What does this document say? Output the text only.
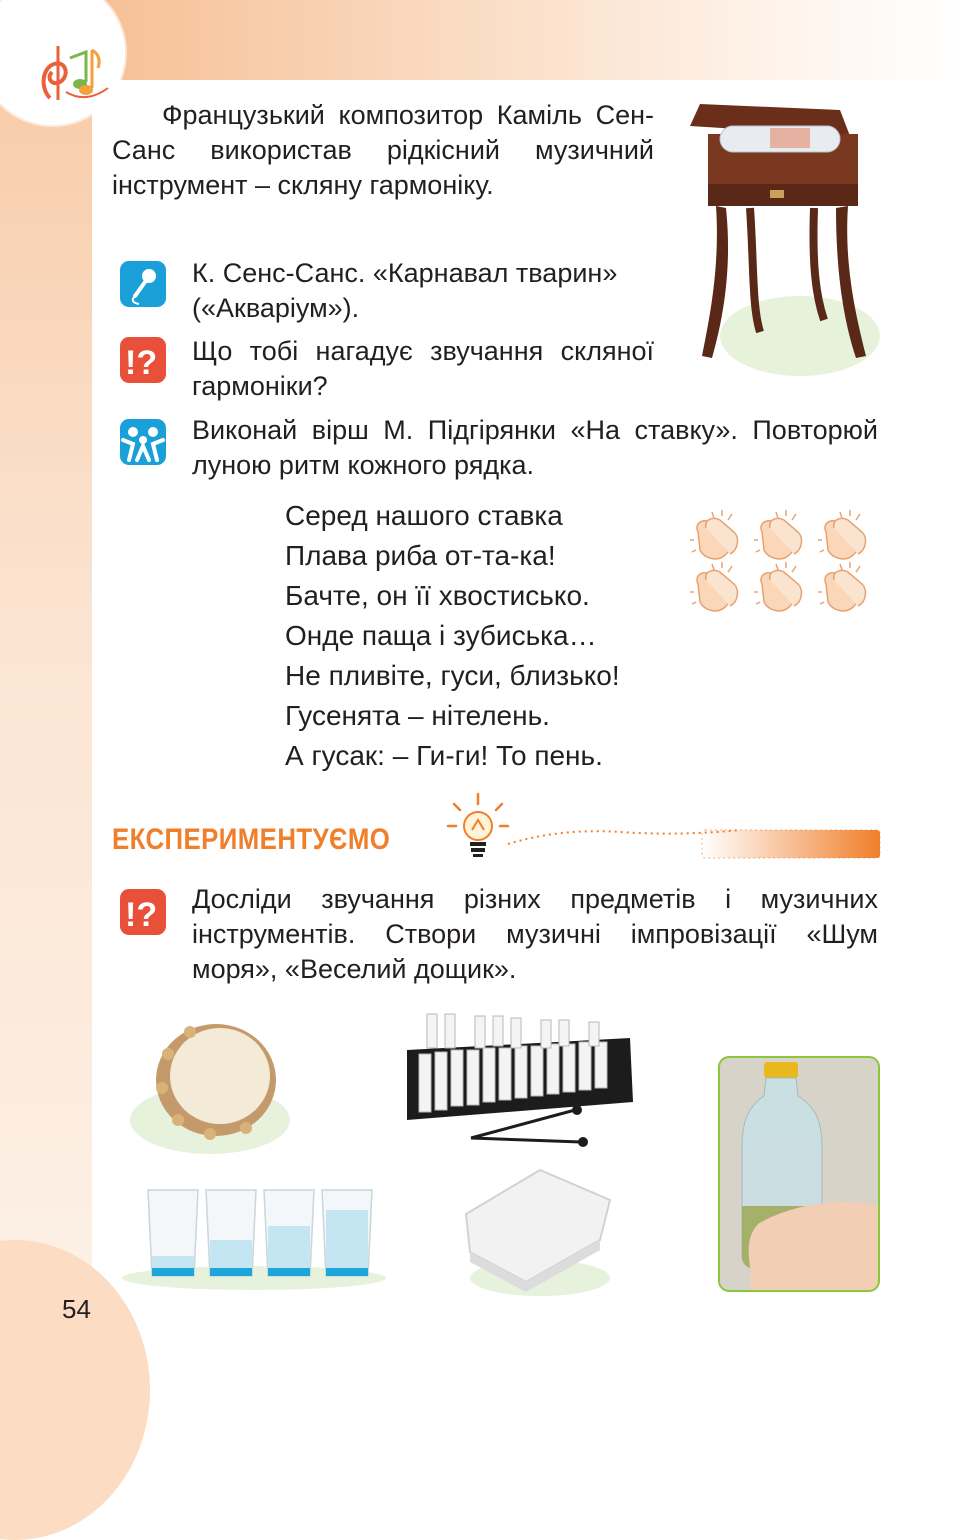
Французький композитор Каміль Сен-Санс використав рідкісний музичний інструмент – скляну гармоніку.
К. Сенс-Санс. «Карнавал тварин»
(«Акваріум»).
!? Що тобі нагадує звучання скляної гармоніки?
Виконай вірш М. Підгірянки «На ставку». Повторюй луною ритм кожного рядка.
Серед нашого ставка
Плава риба от-та-ка!
Бачте, он її хвостисько.
Онде паща і зубиська…
Не пливіте, гуси, близько!
Гусенята – нітелень.
А гусак: – Ги-ги! То пень.
ЕКСПЕРИМЕНТУЄМО
!? Досліди звучання різних предметів і музичних інструментів. Створи музичні імпровізації «Шум моря», «Веселий дощик».
54
